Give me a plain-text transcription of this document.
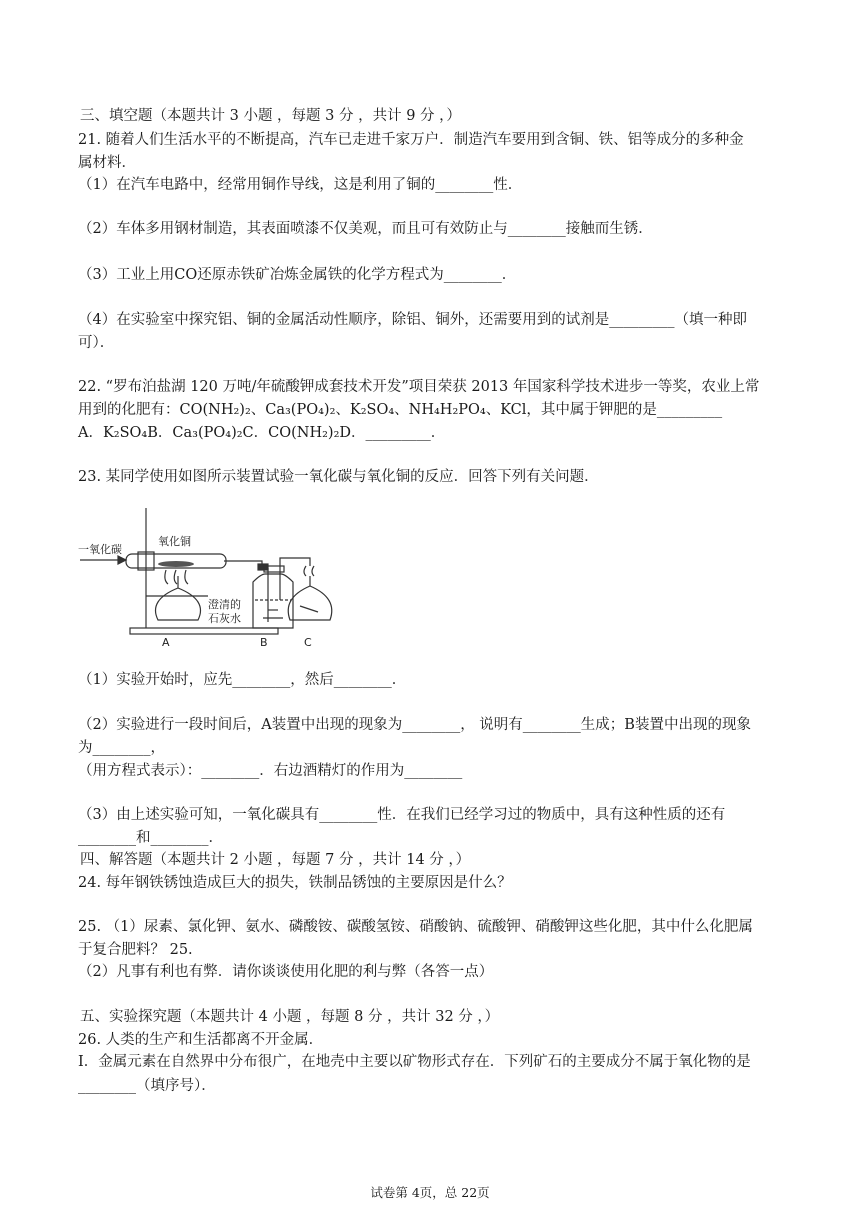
三、填空题（本题共计 3 小题 ，每题 3 分 ，共计 9 分 ，）
21. 随着人们生活水平的不断提高，汽车已走进千家万户．制造汽车要用到含铜、铁、铝等成分的多种金
属材料．
（1）在汽车电路中，经常用铜作导线，这是利用了铜的________性．
（2）车体多用钢材制造，其表面喷漆不仅美观，而且可有效防止与________接触而生锈．
（3）工业上用CO还原赤铁矿冶炼金属铁的化学方程式为________．
（4）在实验室中探究铝、铜的金属活动性顺序，除铝、铜外，还需要用到的试剂是_________（填一种即
可）．
22. “罗布泊盐湖 120 万吨/年硫酸钾成套技术开发”项目荣获 2013 年国家科学技术进步一等奖，农业上常
用到的化肥有：CO(NH₂)₂、Ca₃(PO₄)₂、K₂SO₄、NH₄H₂PO₄、KCl，其中属于钾肥的是_________
A．K₂SO₄B．Ca₃(PO₄)₂C．CO(NH₂)₂D．_________．
23. 某同学使用如图所示装置试验一氧化碳与氧化铜的反应．回答下列有关问题．
一氧化碳
氧化铜
澄清的
石灰水
A	B	C
（1）实验开始时，应先________，然后________．
（2）实验进行一段时间后，A装置中出现的现象为________， 说明有________生成；B装置中出现的现象
为________，
（用方程式表示）：________．右边酒精灯的作用为________
（3）由上述实验可知，一氧化碳具有________性．在我们已经学习过的物质中，具有这种性质的还有
________和________．
四、解答题（本题共计 2 小题 ，每题 7 分 ，共计 14 分 ，）
24. 每年钢铁锈蚀造成巨大的损失，铁制品锈蚀的主要原因是什么？
25. （1）尿素、氯化钾、氨水、磷酸铵、碳酸氢铵、硝酸钠、硫酸钾、硝酸钾这些化肥，其中什么化肥属
于复合肥料？ 25.
（2）凡事有利也有弊．请你谈谈使用化肥的利与弊（各答一点）
五、实验探究题（本题共计 4 小题 ，每题 8 分 ，共计 32 分 ，）
26. 人类的生产和生活都离不开金属．
I．金属元素在自然界中分布很广，在地壳中主要以矿物形式存在．下列矿石的主要成分不属于氧化物的是
________（填序号）．
试卷第 4页，总 22页
